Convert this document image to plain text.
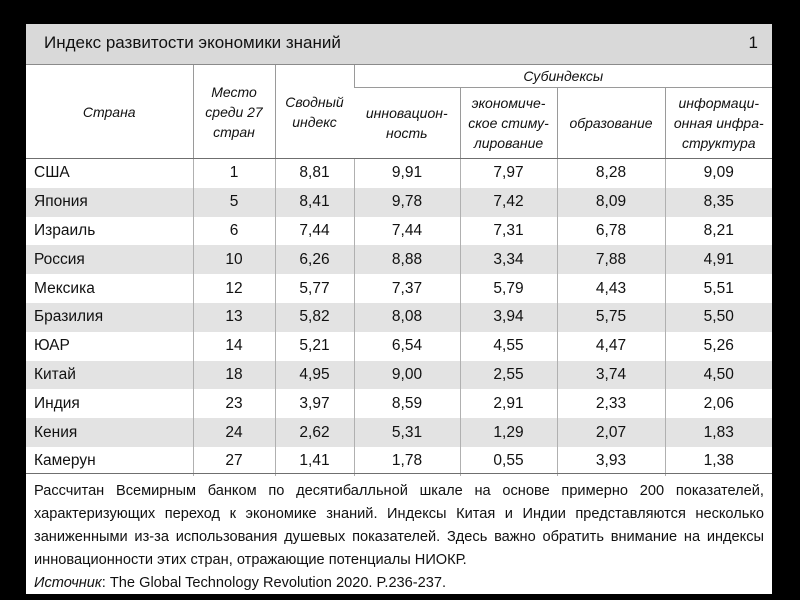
Индекс развитости экономики знаний	1
Страна	Место среди 27 стран	Сводный индекс	Субиндексы			
			инновацион-ность	экономиче-ское стиму-лирование	образование	информаци-онная инфра-структура
США	1	8,81	9,91	7,97	8,28	9,09
Япония	5	8,41	9,78	7,42	8,09	8,35
Израиль	6	7,44	7,44	7,31	6,78	8,21
Россия	10	6,26	8,88	3,34	7,88	4,91
Мексика	12	5,77	7,37	5,79	4,43	5,51
Бразилия	13	5,82	8,08	3,94	5,75	5,50
ЮАР	14	5,21	6,54	4,55	4,47	5,26
Китай	18	4,95	9,00	2,55	3,74	4,50
Индия	23	3,97	8,59	2,91	2,33	2,06
Кения	24	2,62	5,31	1,29	2,07	1,83
Камерун	27	1,41	1,78	0,55	3,93	1,38
Рассчитан Всемирным банком по десятибалльной шкале на основе примерно 200 показателей, характеризующих переход к экономике знаний. Индексы Китая и Индии представляются несколько заниженными из-за использования душевых показателей. Здесь важно обратить внимание на индексы инновационности этих стран, отражающие потенциалы НИОКР.
Источник: The Global Technology Revolution 2020. P.236-237.
